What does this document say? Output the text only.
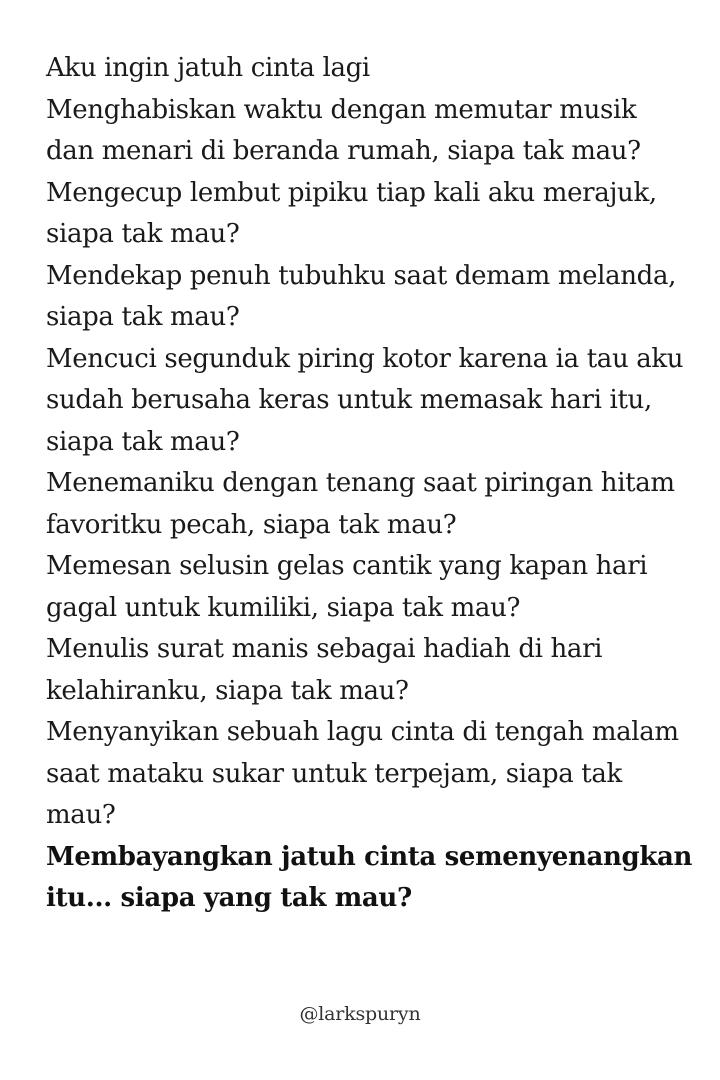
Aku ingin jatuh cinta lagi
Menghabiskan waktu dengan memutar musik
dan menari di beranda rumah, siapa tak mau?
Mengecup lembut pipiku tiap kali aku merajuk,
siapa tak mau?
Mendekap penuh tubuhku saat demam melanda,
siapa tak mau?
Mencuci segunduk piring kotor karena ia tau aku
sudah berusaha keras untuk memasak hari itu,
siapa tak mau?
Menemaniku dengan tenang saat piringan hitam
favoritku pecah, siapa tak mau?
Memesan selusin gelas cantik yang kapan hari
gagal untuk kumiliki, siapa tak mau?
Menulis surat manis sebagai hadiah di hari
kelahiranku, siapa tak mau?
Menyanyikan sebuah lagu cinta di tengah malam
saat mataku sukar untuk terpejam, siapa tak
mau?
Membayangkan jatuh cinta semenyenangkan
itu... siapa yang tak mau?
@larkspuryn
